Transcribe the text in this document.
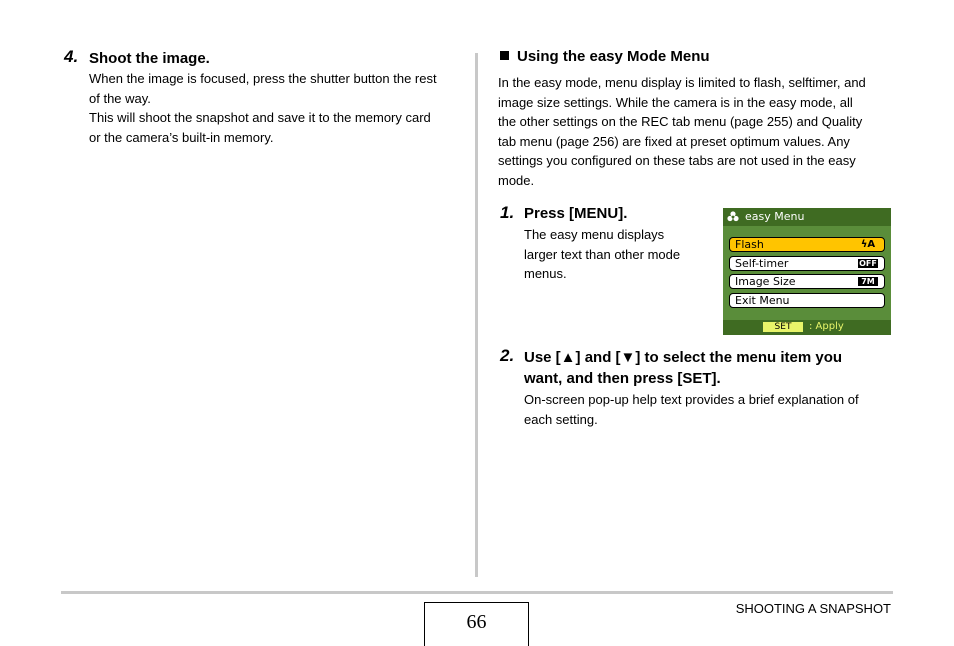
4. Shoot the image.
When the image is focused, press the shutter button the rest
of the way.
This will shoot the snapshot and save it to the memory card
or the camera’s built-in memory.
Using the easy Mode Menu
In the easy mode, menu display is limited to flash, selftimer, and
image size settings. While the camera is in the easy mode, all
the other settings on the REC tab menu (page 255) and Quality
tab menu (page 256) are fixed at preset optimum values. Any
settings you configured on these tabs are not used in the easy
mode.
1. Press [MENU].
The easy menu displays
larger text than other mode
menus.
easy Menu
Flash	ϟA
Self-timer	OFF
Image Size	7M
Exit Menu
SET	: Apply
2. Use [▲] and [▼] to select the menu item you
want, and then press [SET].
On-screen pop-up help text provides a brief explanation of
each setting.
66
SHOOTING A SNAPSHOT
